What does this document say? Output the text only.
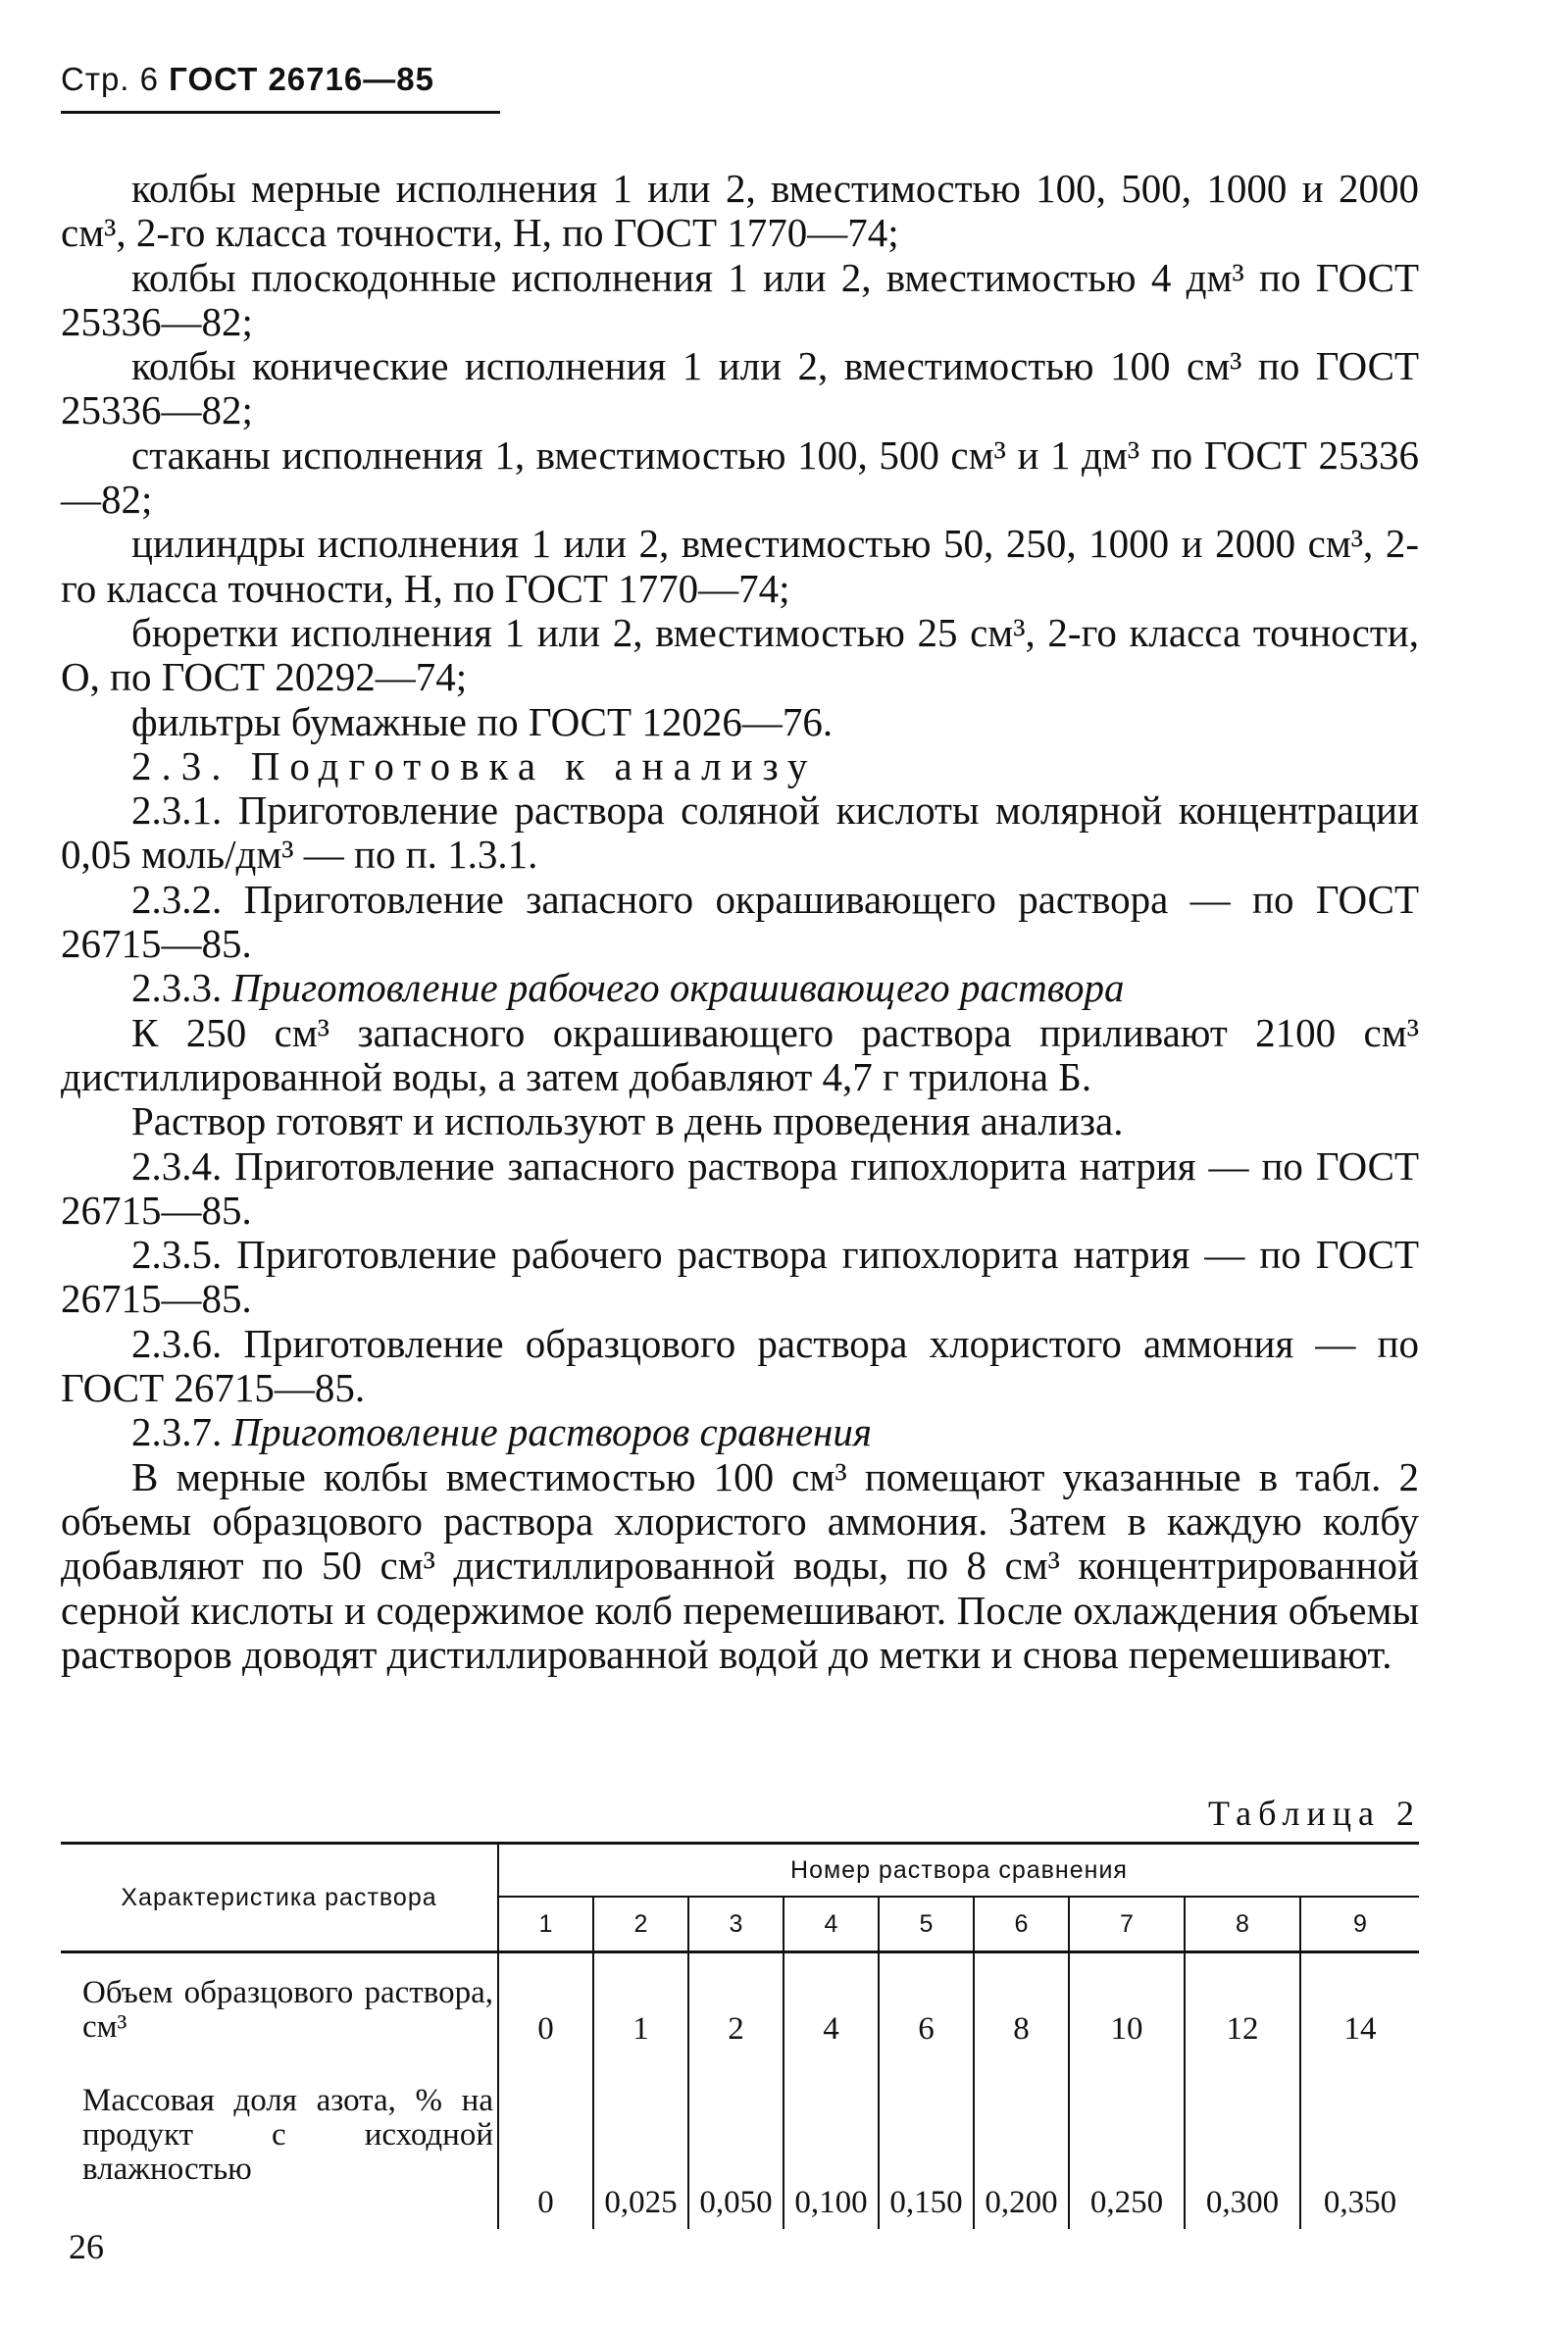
Стр. 6 ГОСТ 26716—85

колбы мерные исполнения 1 или 2, вместимостью 100, 500, 1000 и 2000 см³, 2-го класса точности, Н, по ГОСТ 1770—74;

колбы плоскодонные исполнения 1 или 2, вместимостью 4 дм³ по ГОСТ 25336—82;

колбы конические исполнения 1 или 2, вместимостью 100 см³ по ГОСТ 25336—82;

стаканы исполнения 1, вместимостью 100, 500 см³ и 1 дм³ по ГОСТ 25336—82;

цилиндры исполнения 1 или 2, вместимостью 50, 250, 1000 и 2000 см³, 2-го класса точности, Н, по ГОСТ 1770—74;

бюретки исполнения 1 или 2, вместимостью 25 см³, 2-го класса точности, О, по ГОСТ 20292—74;

фильтры бумажные по ГОСТ 12026—76.

2.3. Подготовка к анализу

2.3.1. Приготовление раствора соляной кислоты молярной концентрации 0,05 моль/дм³ — по п. 1.3.1.

2.3.2. Приготовление запасного окрашивающего раствора — по ГОСТ 26715—85.

2.3.3. Приготовление рабочего окрашивающего раствора

К 250 см³ запасного окрашивающего раствора приливают 2100 см³ дистиллированной воды, а затем добавляют 4,7 г трилона Б.

Раствор готовят и используют в день проведения анализа.

2.3.4. Приготовление запасного раствора гипохлорита натрия — по ГОСТ 26715—85.

2.3.5. Приготовление рабочего раствора гипохлорита натрия — по ГОСТ 26715—85.

2.3.6. Приготовление образцового раствора хлористого аммония — по ГОСТ 26715—85.

2.3.7. Приготовление растворов сравнения

В мерные колбы вместимостью 100 см³ помещают указанные в табл. 2 объемы образцового раствора хлористого аммония. Затем в каждую колбу добавляют по 50 см³ дистиллированной воды, по 8 см³ концентрированной серной кислоты и содержимое колб перемешивают. После охлаждения объемы растворов доводят дистиллированной водой до метки и снова перемешивают.

Таблица 2
Характеристика раствора	Номер раствора сравнения								
	1	2	3	4	5	6	7	8	9

Объем образцового раствора, см³	0	1	2	4	6	8	10	12	14
Массовая доля азота, % на продукт с исходной влажностью	0	0,025	0,050	0,100	0,150	0,200	0,250	0,300	0,350
26
